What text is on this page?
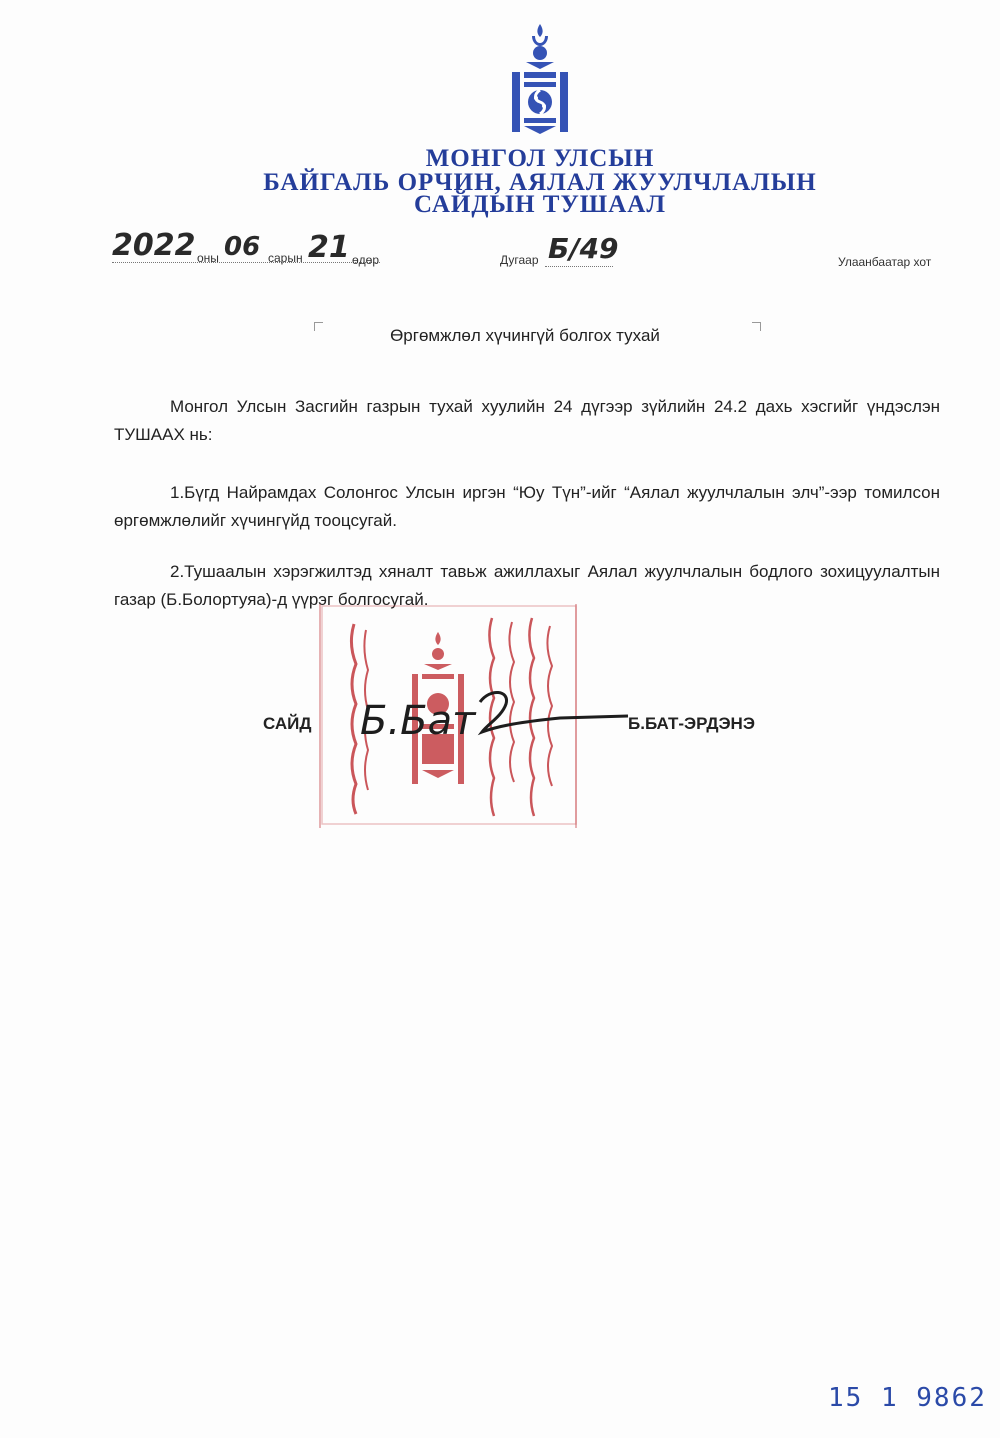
МОНГОЛ УЛСЫН
БАЙГАЛЬ ОРЧИН, АЯЛАЛ ЖУУЛЧЛАЛЫН
САЙДЫН ТУШААЛ
2022 оны 06 сарын 21 өдөр	Дугаар Б/49	Улаанбаатар хот
Өргөмжлөл хүчингүй болгох тухай

Монгол Улсын Засгийн газрын тухай хуулийн 24 дүгээр зүйлийн 24.2 дахь хэсгийг үндэслэн ТУШААХ нь:

1.Бүгд Найрамдах Солонгос Улсын иргэн “Юу Түн”-ийг “Аялал жуулчлалын элч”-ээр томилсон өргөмжлөлийг хүчингүйд тооцсугай.

2.Тушаалын хэрэгжилтэд хяналт тавьж ажиллахыг Аялал жуулчлалын бодлого зохицуулалтын газар (Б.Болортуяа)-д үүрэг болгосугай.

САЙД Б.Бат	Б.БАТ-ЭРДЭНЭ
15 1 9862
